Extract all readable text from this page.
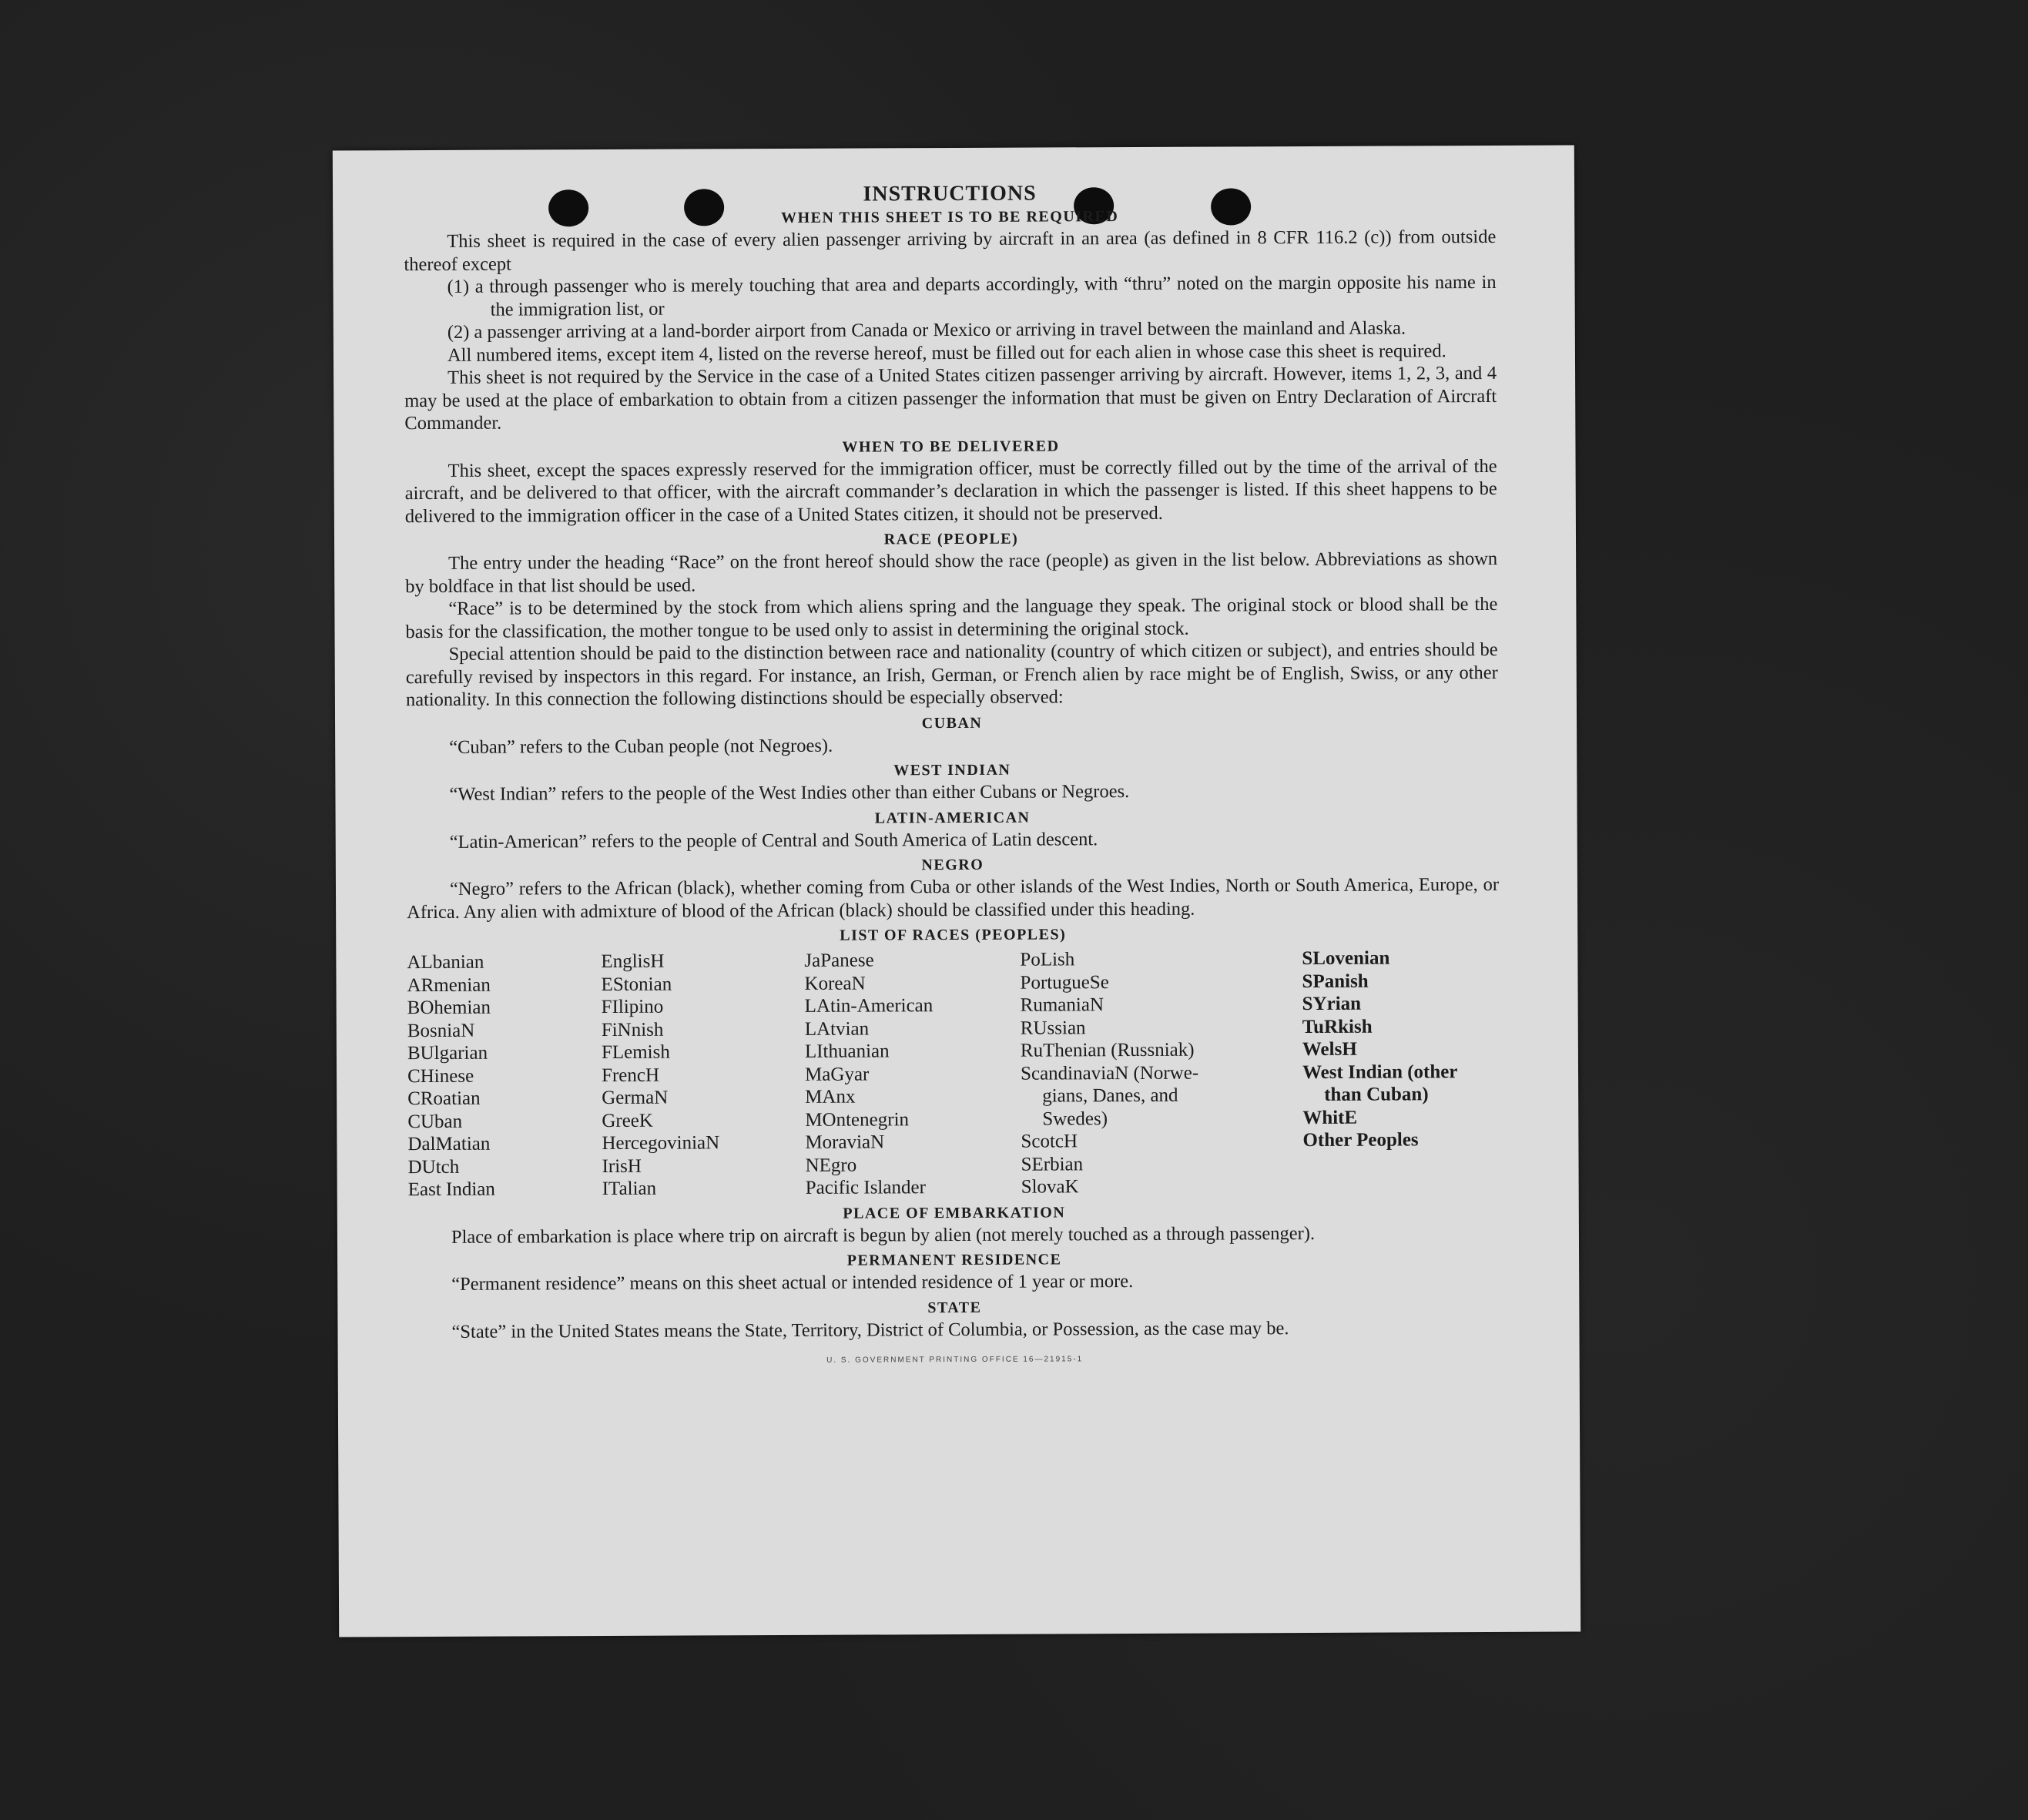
INSTRUCTIONS
WHEN THIS SHEET IS TO BE REQUIRED

This sheet is required in the case of every alien passenger arriving by aircraft in an area (as defined in 8 CFR 116.2 (c)) from outside thereof except

(1) a through passenger who is merely touching that area and departs accordingly, with “thru” noted on the margin opposite his name in the immigration list, or
(2) a passenger arriving at a land-border airport from Canada or Mexico or arriving in travel between the mainland and Alaska.

All numbered items, except item 4, listed on the reverse hereof, must be filled out for each alien in whose case this sheet is required.

This sheet is not required by the Service in the case of a United States citizen passenger arriving by aircraft. However, items 1, 2, 3, and 4 may be used at the place of embarkation to obtain from a citizen passenger the information that must be given on Entry Declaration of Aircraft Commander.

WHEN TO BE DELIVERED

This sheet, except the spaces expressly reserved for the immigration officer, must be correctly filled out by the time of the arrival of the aircraft, and be delivered to that officer, with the aircraft commander’s declaration in which the passenger is listed. If this sheet happens to be delivered to the immigration officer in the case of a United States citizen, it should not be preserved.

RACE (PEOPLE)

The entry under the heading “Race” on the front hereof should show the race (people) as given in the list below. Abbreviations as shown by boldface in that list should be used.

“Race” is to be determined by the stock from which aliens spring and the language they speak. The original stock or blood shall be the basis for the classification, the mother tongue to be used only to assist in determining the original stock.

Special attention should be paid to the distinction between race and nationality (country of which citizen or subject), and entries should be carefully revised by inspectors in this regard. For instance, an Irish, German, or French alien by race might be of English, Swiss, or any other nationality. In this connection the following distinctions should be especially observed:

CUBAN

“Cuban” refers to the Cuban people (not Negroes).

WEST INDIAN

“West Indian” refers to the people of the West Indies other than either Cubans or Negroes.

LATIN-AMERICAN

“Latin-American” refers to the people of Central and South America of Latin descent.

NEGRO

“Negro” refers to the African (black), whether coming from Cuba or other islands of the West Indies, North or South America, Europe, or Africa. Any alien with admixture of blood of the African (black) should be classified under this heading.

LIST OF RACES (PEOPLES)
ALbanian
ARmenian
BOhemian
BosniaN
BUlgarian
CHinese
CRoatian
CUban
DalMatian
DUtch
East Indian
EnglisH
EStonian
FIlipino
FiNnish
FLemish
FrencH
GermaN
GreeK
HercegoviniaN
IrisH
ITalian
JaPanese
KoreaN
LAtin-American
LAtvian
LIthuanian
MaGyar
MAnx
MOntenegrin
MoraviaN
NEgro
Pacific Islander
PoLish
PortugueSe
RumaniaN
RUssian
RuThenian (Russniak)
ScandinaviaN (Norwe-
gians, Danes, and
Swedes)
ScotcH
SErbian
SlovaK
SLovenian
SPanish
SYrian
TuRkish
WelsH
West Indian (other
than Cuban)
WhitE
Other Peoples
PLACE OF EMBARKATION

Place of embarkation is place where trip on aircraft is begun by alien (not merely touched as a through passenger).

PERMANENT RESIDENCE

“Permanent residence” means on this sheet actual or intended residence of 1 year or more.

STATE

“State” in the United States means the State, Territory, District of Columbia, or Possession, as the case may be.

U. S. GOVERNMENT PRINTING OFFICE 16—21915-1
